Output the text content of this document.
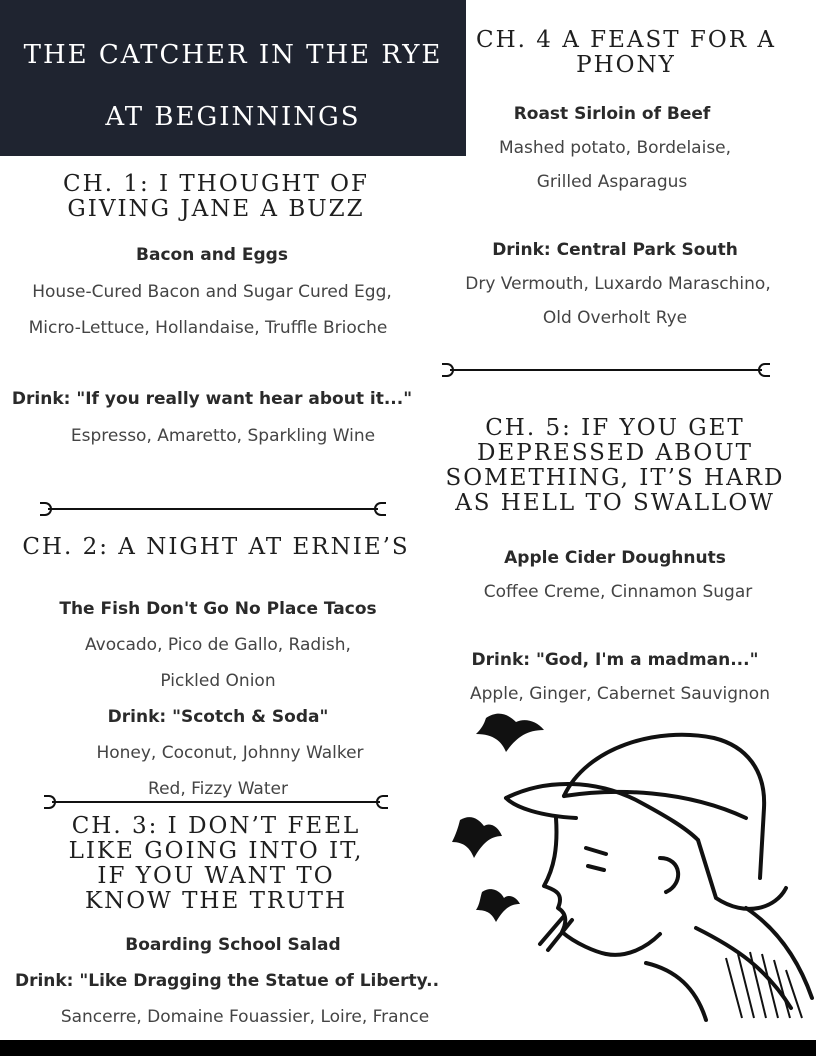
THE CATCHER IN THE RYE
AT BEGINNINGS

CH. 1: I THOUGHT OF

GIVING JANE A BUZZ

Bacon and Eggs
House-Cured Bacon and Sugar Cured Egg,
Micro-Lettuce, Hollandaise, Truffle Brioche
Drink: "If you really want hear about it..."
Espresso, Amaretto, Sparkling Wine

CH. 2: A NIGHT AT ERNIE’S

The Fish Don't Go No Place Tacos
Avocado, Pico de Gallo, Radish,
Pickled Onion
Drink: "Scotch & Soda"
Honey, Coconut, Johnny Walker
Red, Fizzy Water

CH. 3: I DON’T FEEL

LIKE GOING INTO IT,

IF YOU WANT TO

KNOW THE TRUTH

Boarding School Salad
Drink: "Like Dragging the Statue of Liberty..
Sancerre, Domaine Fouassier, Loire, France

CH. 4 A FEAST FOR A

PHONY

Roast Sirloin of Beef
Mashed potato, Bordelaise,
Grilled Asparagus
Drink: Central Park South
Dry Vermouth, Luxardo Maraschino,
Old Overholt Rye

CH. 5: IF YOU GET

DEPRESSED ABOUT

SOMETHING, IT’S HARD

AS HELL TO SWALLOW

Apple Cider Doughnuts
Coffee Creme, Cinnamon Sugar
Drink: "God, I'm a madman..."
Apple, Ginger, Cabernet Sauvignon
